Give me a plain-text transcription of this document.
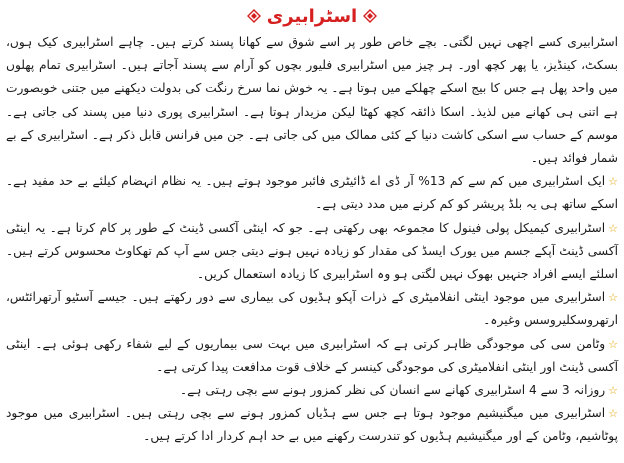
اسٹرابیری

اسٹرابیری کسے اچھی نہیں لگتی۔ بچے خاص طور پر اسے شوق سے کھانا پسند کرتے ہیں۔ چاہے اسٹرابیری کیک ہوں، بسکٹ، کینڈیز، یا پھر کچھ اور۔ ہر چیز میں اسٹرابیری فلیور بچوں کو آرام سے پسند آجاتے ہیں۔ اسٹرابیری تمام پھلوں میں واحد پھل ہے جس کا بیج اسکے چھلکے میں ہوتا ہے۔ یہ خوش نما سرخ رنگت کی بدولت دیکھنے میں جتنی خوبصورت ہے اتنی ہی کھانے میں لذیذ۔ اسکا ذائقہ کچھ کھٹا لیکن مزیدار ہوتا ہے۔ اسٹرابیری پوری دنیا میں پسند کی جاتی ہے۔ موسم کے حساب سے اسکی کاشت دنیا کے کئی ممالک میں کی جاتی ہے۔ جن میں فرانس قابل ذکر ہے۔ اسٹرابیری کے بے شمار فوائد ہیں۔

☆ایک اسٹرابیری میں کم سے کم 13% آر ڈی اے ڈائیٹری فائبر موجود ہوتے ہیں۔ یہ نظام انہضام کیلئے بے حد مفید ہے۔ اسکے ساتھ ہی یہ بلڈ پریشر کو کم کرنے میں مدد دیتی ہے۔

☆اسٹرابیری کیمیکل پولی فینول کا مجموعہ بھی رکھتی ہے۔ جو کہ اینٹی آکسی ڈینٹ کے طور پر کام کرتا ہے۔ یہ اینٹی آکسی ڈینٹ آپکے جسم میں یورک ایسڈ کی مقدار کو زیادہ نہیں ہونے دیتی جس سے آپ کم تھکاوٹ محسوس کرتے ہیں۔ اسلئے ایسے افراد جنہیں بھوک نہیں لگتی ہو وہ اسٹرابیری کا زیادہ استعمال کریں۔

☆اسٹرابیری میں موجود اینٹی انفلامیٹری کے ذرات آپکو ہڈیوں کی بیماری سے دور رکھتے ہیں۔ جیسے آسٹیو آرتھرائٹس، ارتھروسکلیروسس وغیرہ۔

☆وٹامن سی کی موجودگی ظاہر کرتی ہے کہ اسٹرابیری میں بہت سی بیماریوں کے لیے شفاء رکھی ہوئی ہے۔ اینٹی آکسی ڈینٹ اور اینٹی انفلامیٹری کی موجودگی کینسر کے خلاف قوت مدافعت پیدا کرتی ہے۔

☆روزانہ 3 سے 4 اسٹرابیری کھانے سے انسان کی نظر کمزور ہونے سے بچی رہتی ہے۔

☆اسٹرابیری میں میگنیشیم موجود ہوتا ہے جس سے ہڈیاں کمزور ہونے سے بچی رہتی ہیں۔ اسٹرابیری میں موجود پوٹاشیم، وٹامن کے اور میگنیشیم ہڈیوں کو تندرست رکھنے میں بے حد اہم کردار ادا کرتے ہیں۔
